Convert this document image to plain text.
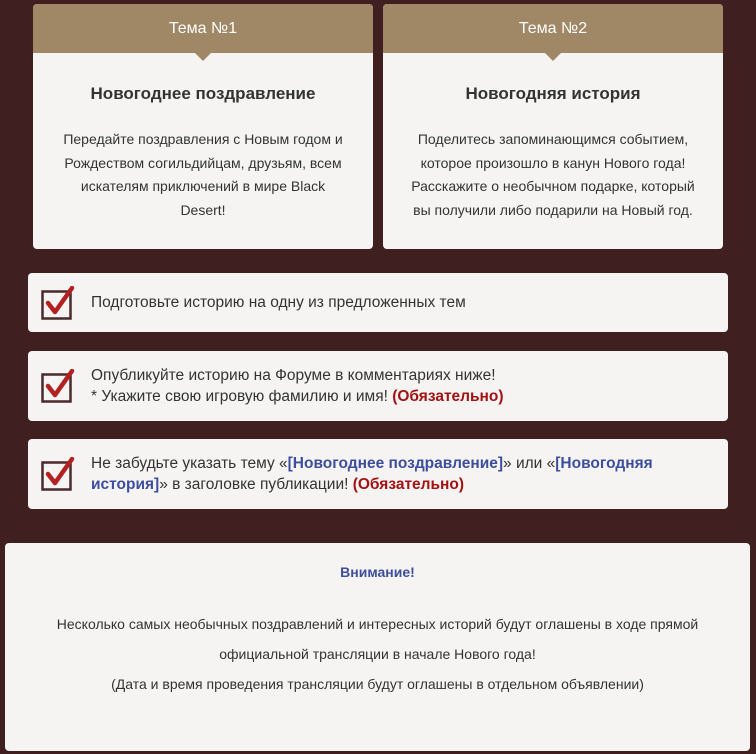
Тема №1
Новогоднее поздравление
Передайте поздравления с Новым годом и
Рождеством согильдийцам, друзьям, всем
искателям приключений в мире Black
Desert!
Тема №2
Новогодняя история
Поделитесь запоминающимся событием,
которое произошло в канун Нового года!
Расскажите о необычном подарке, который
вы получили либо подарили на Новый год.
Подготовьте историю на одну из предложенных тем
Опубликуйте историю на Форуме в комментариях ниже!
* Укажите свою игровую фамилию и имя! (Обязательно)
Не забудьте указать тему «[Новогоднее поздравление]» или «[Новогодняя история]» в заголовке публикации! (Обязательно)
Внимание!
Несколько самых необычных поздравлений и интересных историй будут оглашены в ходе прямой
официальной трансляции в начале Нового года!
(Дата и время проведения трансляции будут оглашены в отдельном объявлении)
